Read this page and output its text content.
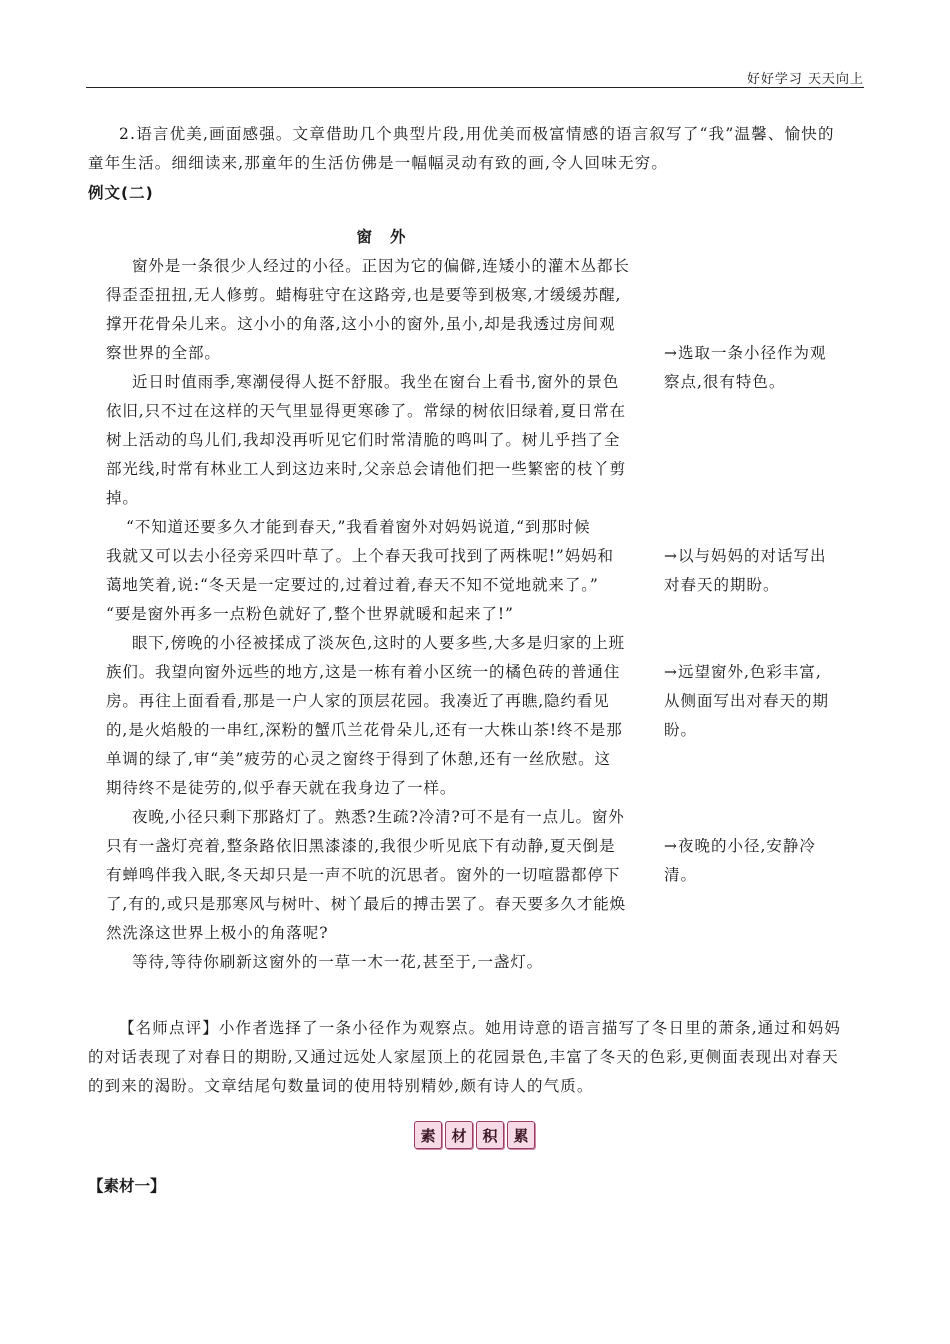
好好学习 天天向上
2.语言优美,画面感强。文章借助几个典型片段,用优美而极富情感的语言叙写了“我”温馨、愉快的
童年生活。细细读来,那童年的生活仿佛是一幅幅灵动有致的画,令人回味无穷。
例文(二)
窗外
窗外是一条很少人经过的小径。正因为它的偏僻,连矮小的灌木丛都长
得歪歪扭扭,无人修剪。蜡梅驻守在这路旁,也是要等到极寒,才缓缓苏醒,
撑开花骨朵儿来。这小小的角落,这小小的窗外,虽小,却是我透过房间观
察世界的全部。
近日时值雨季,寒潮侵得人挺不舒服。我坐在窗台上看书,窗外的景色
依旧,只不过在这样的天气里显得更寒碜了。常绿的树依旧绿着,夏日常在
树上活动的鸟儿们,我却没再听见它们时常清脆的鸣叫了。树儿乎挡了全
部光线,时常有林业工人到这边来时,父亲总会请他们把一些繁密的枝丫剪
掉。
“不知道还要多久才能到春天,”我看着窗外对妈妈说道,“到那时候
我就又可以去小径旁采四叶草了。上个春天我可找到了两株呢!”妈妈和
蔼地笑着,说:“冬天是一定要过的,过着过着,春天不知不觉地就来了。”
“要是窗外再多一点粉色就好了,整个世界就暖和起来了!”
眼下,傍晚的小径被揉成了淡灰色,这时的人要多些,大多是归家的上班
族们。我望向窗外远些的地方,这是一栋有着小区统一的橘色砖的普通住
房。再往上面看看,那是一户人家的顶层花园。我凑近了再瞧,隐约看见
的,是火焰般的一串红,深粉的蟹爪兰花骨朵儿,还有一大株山茶!终不是那
单调的绿了,审“美”疲劳的心灵之窗终于得到了休憩,还有一丝欣慰。这
期待终不是徒劳的,似乎春天就在我身边了一样。
夜晚,小径只剩下那路灯了。熟悉?生疏?冷清?可不是有一点儿。窗外
只有一盏灯亮着,整条路依旧黑漆漆的,我很少听见底下有动静,夏天倒是
有蝉鸣伴我入眠,冬天却只是一声不吭的沉思者。窗外的一切喧嚣都停下
了,有的,或只是那寒风与树叶、树丫最后的搏击罢了。春天要多久才能焕
然洗涤这世界上极小的角落呢?
等待,等待你刷新这窗外的一草一木一花,甚至于,一盏灯。
→选取一条小径作为观
察点,很有特色。
→以与妈妈的对话写出
对春天的期盼。
→远望窗外,色彩丰富,
从侧面写出对春天的期
盼。
→夜晚的小径,安静冷
清。
【名师点评】小作者选择了一条小径作为观察点。她用诗意的语言描写了冬日里的萧条,通过和妈妈
的对话表现了对春日的期盼,又通过远处人家屋顶上的花园景色,丰富了冬天的色彩,更侧面表现出对春天
的到来的渴盼。文章结尾句数量词的使用特别精妙,颇有诗人的气质。
素	材	积	累
【素材一】
